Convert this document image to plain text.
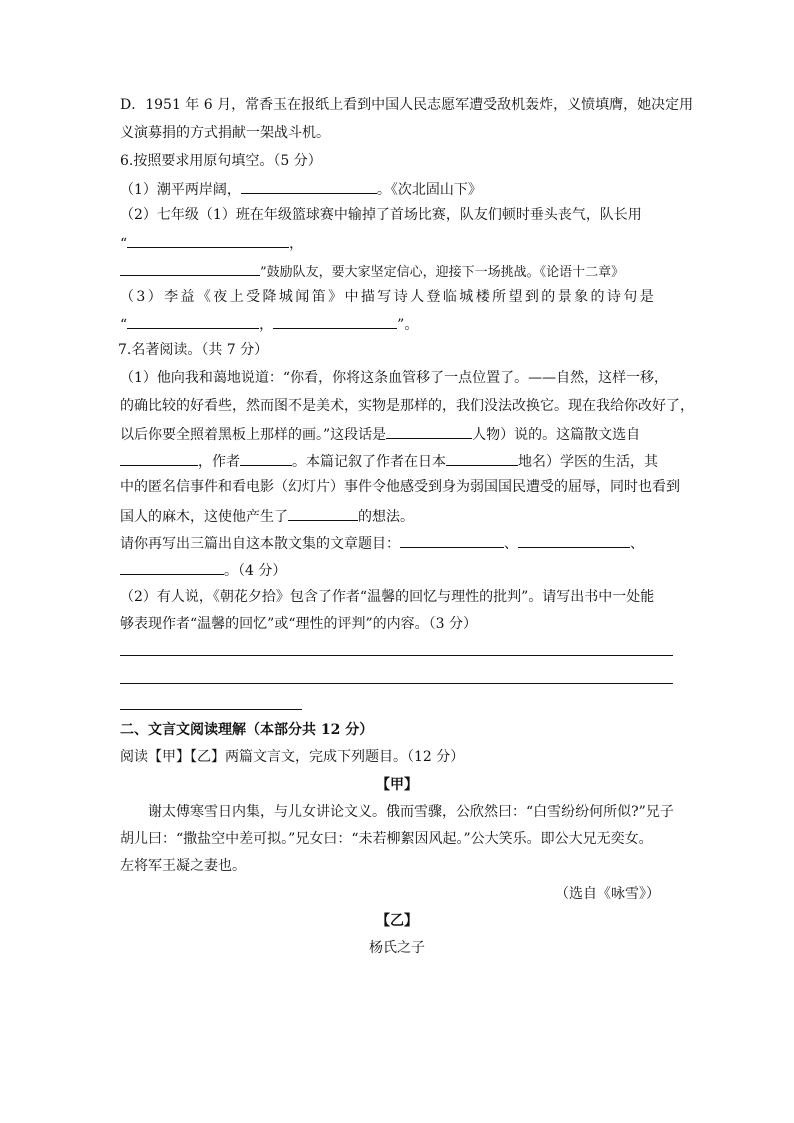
D．1951 年 6 月，常香玉在报纸上看到中国人民志愿军遭受敌机轰炸，义愤填膺，她决定用
义演募捐的方式捐献一架战斗机。
6.按照要求用原句填空。（5 分）
（1）潮平两岸阔，	。《次北固山下》
（2）七年级（1）班在年级篮球赛中输掉了首场比赛，队友们顿时垂头丧气，队长用
“	，
”鼓励队友，要大家坚定信心，迎接下一场挑战。《论语十二章》
（3）李益《夜上受降城闻笛》中描写诗人登临城楼所望到的景象的诗句是
“	，	”。
7.名著阅读。（共 7 分）
（1）他向我和蔼地说道：“你看，你将这条血管移了一点位置了。——自然，这样一移，
的确比较的好看些，然而图不是美术，实物是那样的，我们没法改换它。现在我给你改好了，
以后你要全照着黑板上那样的画。”这段话是	人物）说的。这篇散文选自
，作者	。本篇记叙了作者在日本	地名）学医的生活，其
中的匿名信事件和看电影（幻灯片）事件令他感受到身为弱国国民遭受的屈辱，同时也看到
国人的麻木，这使他产生了	的想法。
请你再写出三篇出自这本散文集的文章题目：	、	、
。（4 分）
（2）有人说，《朝花夕拾》包含了作者“温馨的回忆与理性的批判”。请写出书中一处能
够表现作者“温馨的回忆”或“理性的评判”的内容。（3 分）
二、文言文阅读理解（本部分共 12 分）
阅读【甲】【乙】两篇文言文，完成下列题目。（12 分）
【甲】
谢太傅寒雪日内集，与儿女讲论文义。俄而雪骤，公欣然曰：“白雪纷纷何所似?”兄子
胡儿曰：“撒盐空中差可拟。”兄女曰：“未若柳絮因风起。”公大笑乐。即公大兄无奕女。
左将军王凝之妻也。
（选自《咏雪》）
【乙】
杨氏之子
